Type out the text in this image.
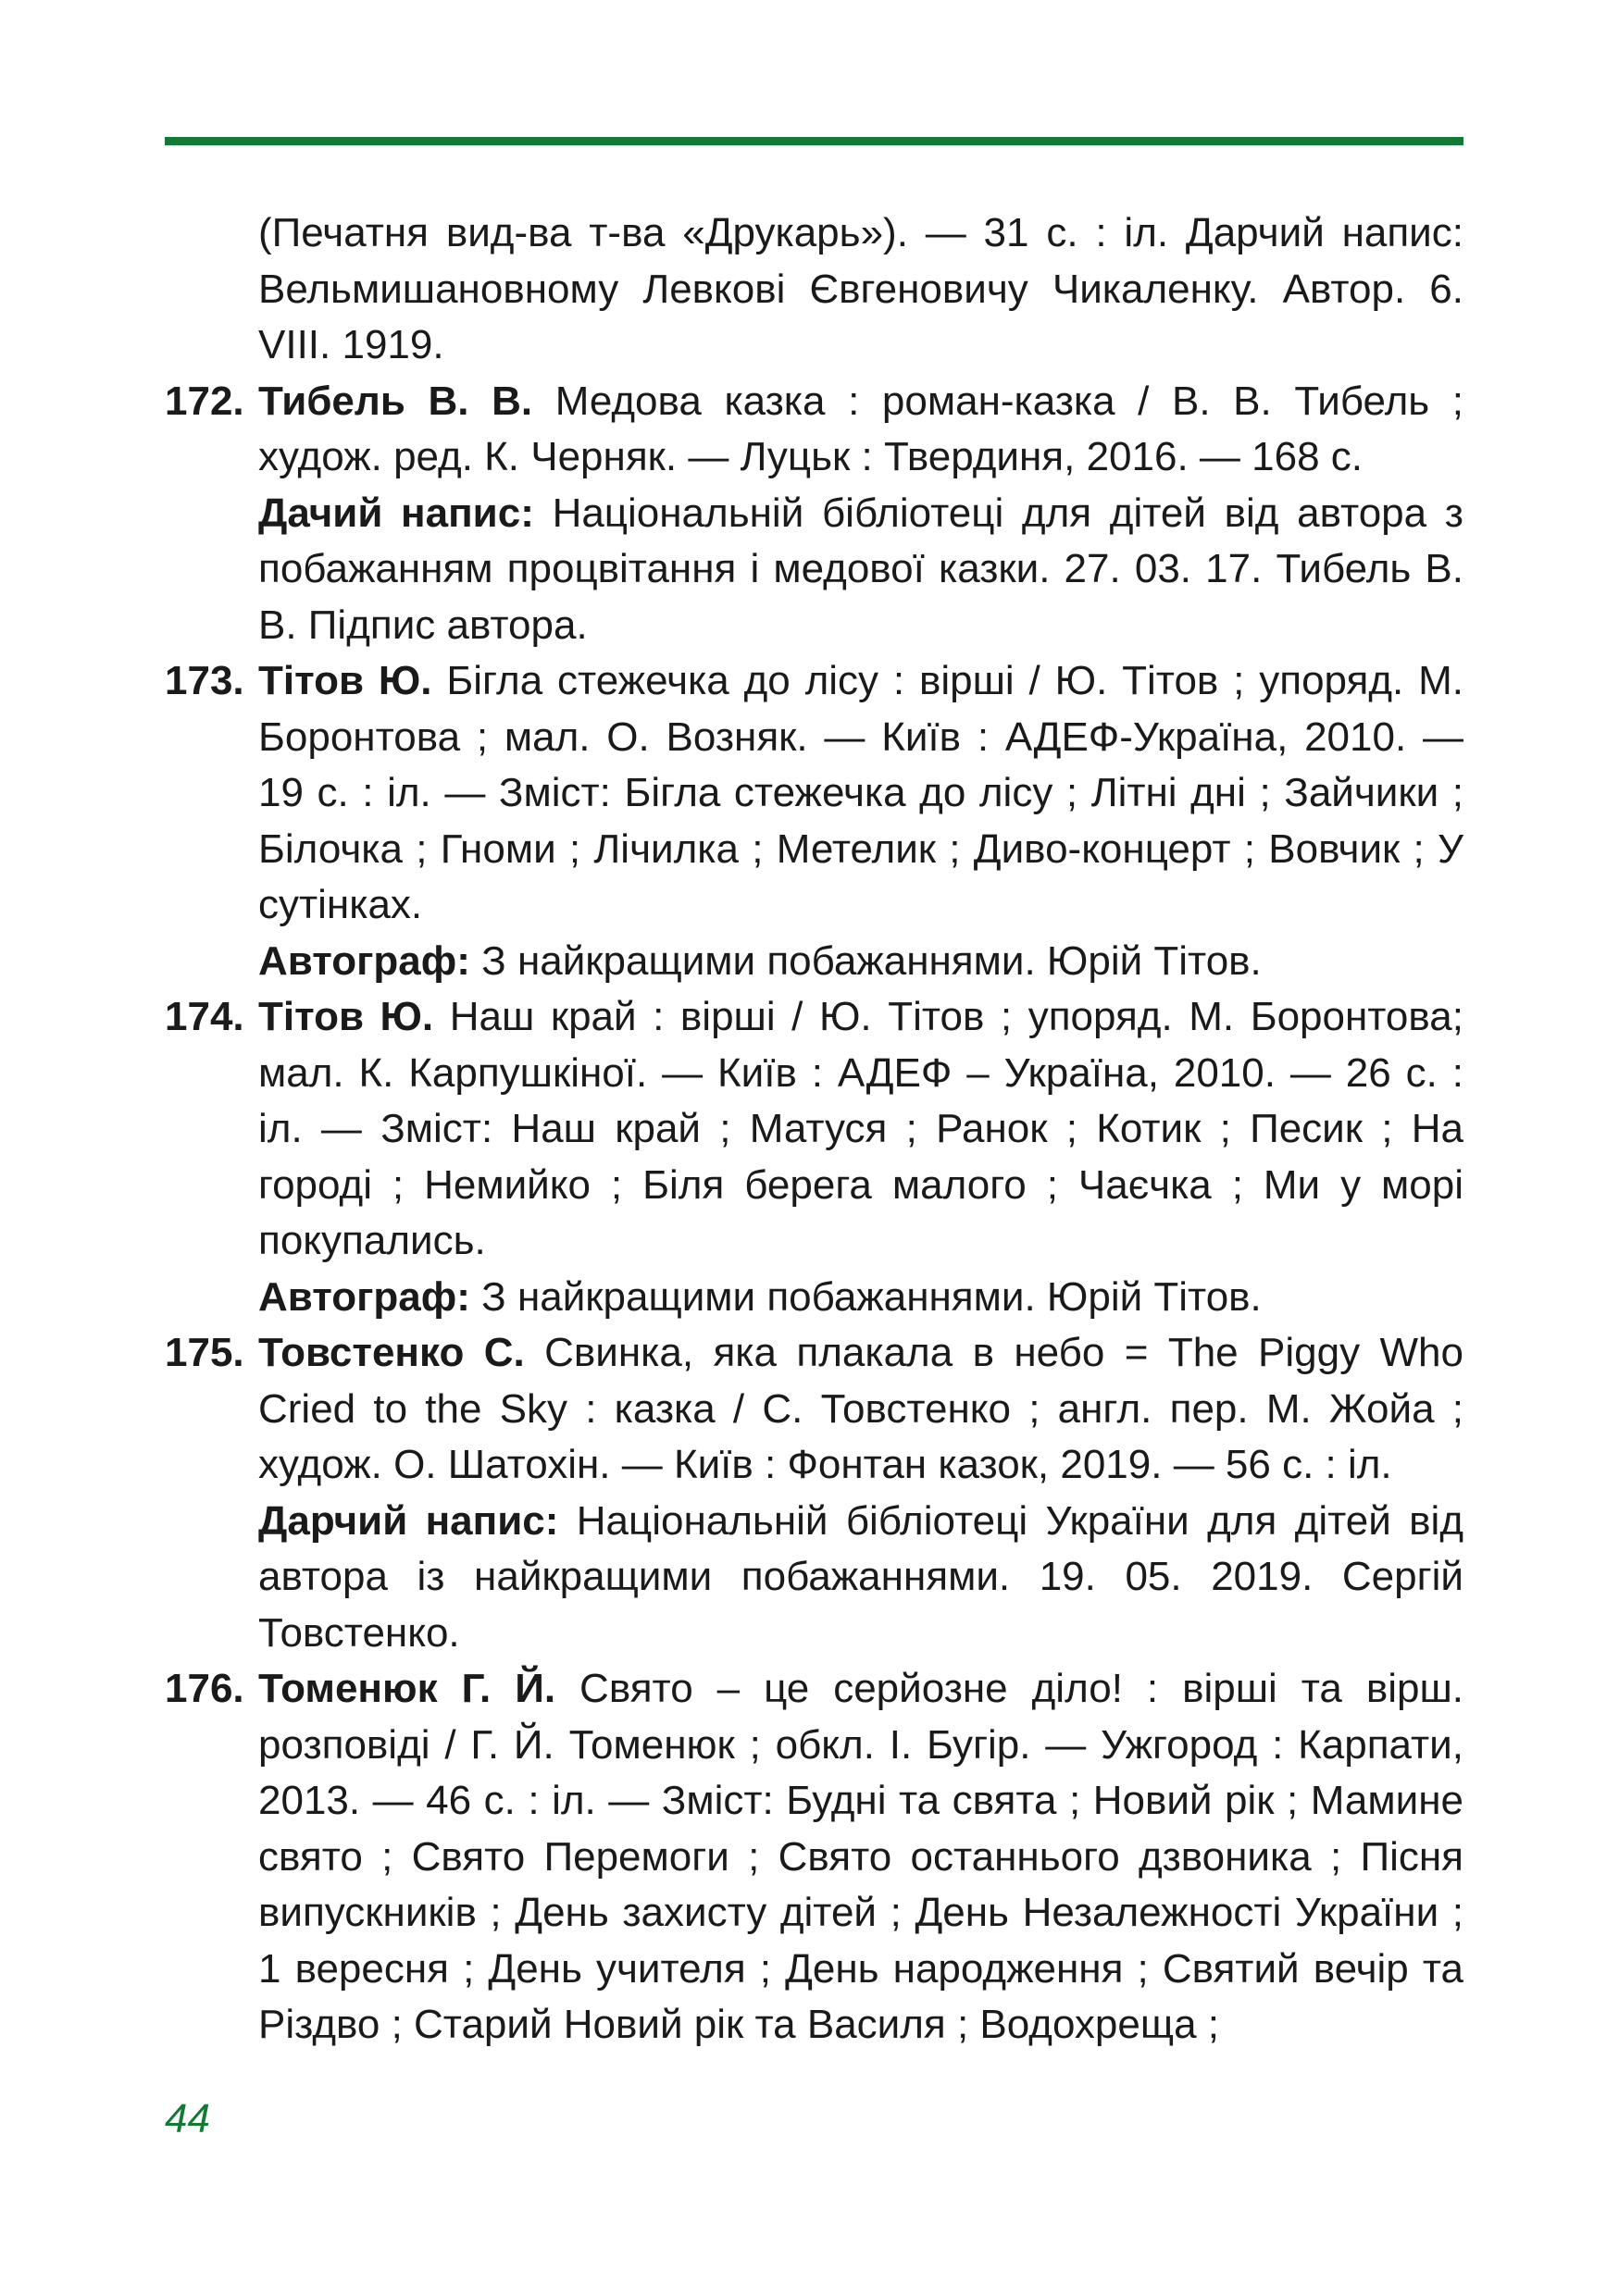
(Печатня вид-ва т-ва «Друкарь»). — 31 с. : іл. Дарчий напис: Вельмишановному Левкові Євгеновичу Чикаленку. Автор. 6. VIII. 1919.
172. Тибель В. В. Медова казка : роман-казка / В. В. Тибель ; худож. ред. К. Черняк. — Луцьк : Твердиня, 2016. — 168 с.
Дачий напис: Національній бібліотеці для дітей від автора з побажанням процвітання і медової казки. 27. 03. 17. Тибель В. В. Підпис автора.
173. Тітов Ю. Бігла стежечка до лісу : вірші / Ю. Тітов ; упоряд. М. Боронтова ; мал. О. Возняк. — Київ : АДЕФ-Україна, 2010. — 19 с. : іл. — Зміст: Бігла стежечка до лісу ; Літні дні ; Зайчики ; Білочка ; Гноми ; Лічилка ; Метелик ; Диво-концерт ; Вовчик ; У сутінках.
Автограф: З найкращими побажаннями. Юрій Тітов.
174. Тітов Ю. Наш край : вірші / Ю. Тітов ; упоряд. М. Боронтова; мал. К. Карпушкіної. — Київ : АДЕФ – Україна, 2010. — 26 с. : іл. — Зміст: Наш край ; Матуся ; Ранок ; Котик ; Песик ; На городі ; Немийко ; Біля берега малого ; Чаєчка ; Ми у морі покупались.
Автограф: З найкращими побажаннями. Юрій Тітов.
175. Товстенко С. Свинка, яка плакала в небо = The Piggy Who Cried to the Sky : казка / С. Товстенко ; англ. пер. М. Жойа ; худож. О. Шатохін. — Київ : Фонтан казок, 2019. — 56 с. : іл.
Дарчий напис: Національній бібліотеці України для дітей від автора із найкращими побажаннями. 19. 05. 2019. Сергій Товстенко.
176. Томенюк Г. Й. Свято – це серйозне діло! : вірші та вірш. розповіді / Г. Й. Томенюк ; обкл. І. Бугір. — Ужгород : Карпати, 2013. — 46 с. : іл. — Зміст: Будні та свята ; Новий рік ; Мамине свято ; Свято Перемоги ; Свято останнього дзвоника ; Пісня випускників ; День захисту дітей ; День Незалежності України ; 1 вересня ; День учителя ; День народження ; Святий вечір та Різдво ; Старий Новий рік та Василя ; Водохреща ;
44
